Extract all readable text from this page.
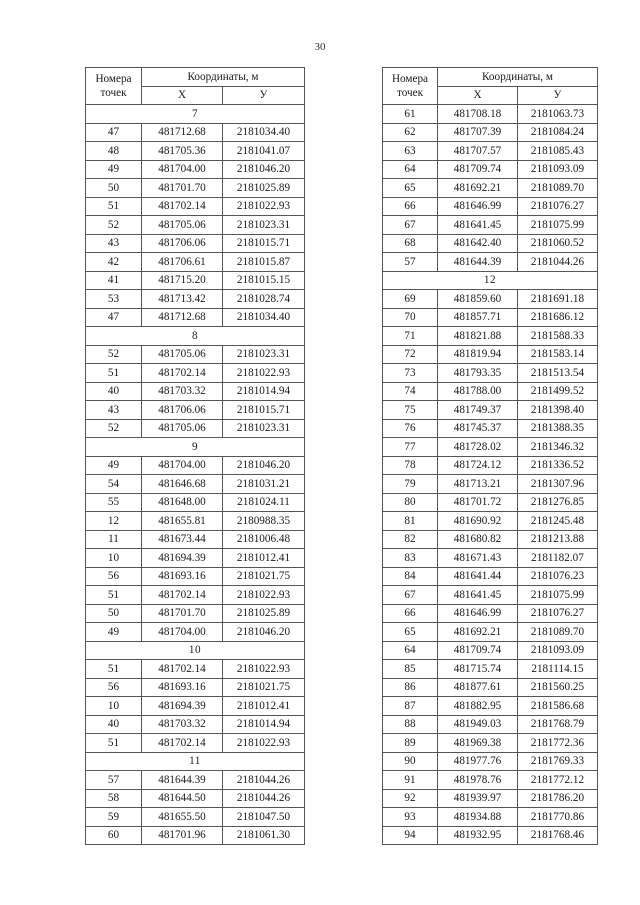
30
Номера
точек	Координаты, м	
	X	У
7		
47	481712.68	2181034.40
48	481705.36	2181041.07
49	481704.00	2181046.20
50	481701.70	2181025.89
51	481702.14	2181022.93
52	481705.06	2181023.31
43	481706.06	2181015.71
42	481706.61	2181015.87
41	481715.20	2181015.15
53	481713.42	2181028.74
47	481712.68	2181034.40
8		
52	481705.06	2181023.31
51	481702.14	2181022.93
40	481703.32	2181014.94
43	481706.06	2181015.71
52	481705.06	2181023.31
9		
49	481704.00	2181046.20
54	481646.68	2181031.21
55	481648.00	2181024.11
12	481655.81	2180988.35
11	481673.44	2181006.48
10	481694.39	2181012.41
56	481693.16	2181021.75
51	481702.14	2181022.93
50	481701.70	2181025.89
49	481704.00	2181046.20
10		
51	481702.14	2181022.93
56	481693.16	2181021.75
10	481694.39	2181012.41
40	481703.32	2181014.94
51	481702.14	2181022.93
11		
57	481644.39	2181044.26
58	481644.50	2181044.26
59	481655.50	2181047.50
60	481701.96	2181061.30
Номера
точек	Координаты, м	
	X	У
61	481708.18	2181063.73
62	481707.39	2181084.24
63	481707.57	2181085.43
64	481709.74	2181093.09
65	481692.21	2181089.70
66	481646.99	2181076.27
67	481641.45	2181075.99
68	481642.40	2181060.52
57	481644.39	2181044.26
12		
69	481859.60	2181691.18
70	481857.71	2181686.12
71	481821.88	2181588.33
72	481819.94	2181583.14
73	481793.35	2181513.54
74	481788.00	2181499.52
75	481749.37	2181398.40
76	481745.37	2181388.35
77	481728.02	2181346.32
78	481724.12	2181336.52
79	481713.21	2181307.96
80	481701.72	2181276.85
81	481690.92	2181245.48
82	481680.82	2181213.88
83	481671.43	2181182.07
84	481641.44	2181076.23
67	481641.45	2181075.99
66	481646.99	2181076.27
65	481692.21	2181089.70
64	481709.74	2181093.09
85	481715.74	2181114.15
86	481877.61	2181560.25
87	481882.95	2181586.68
88	481949.03	2181768.79
89	481969.38	2181772.36
90	481977.76	2181769.33
91	481978.76	2181772.12
92	481939.97	2181786.20
93	481934.88	2181770.86
94	481932.95	2181768.46
